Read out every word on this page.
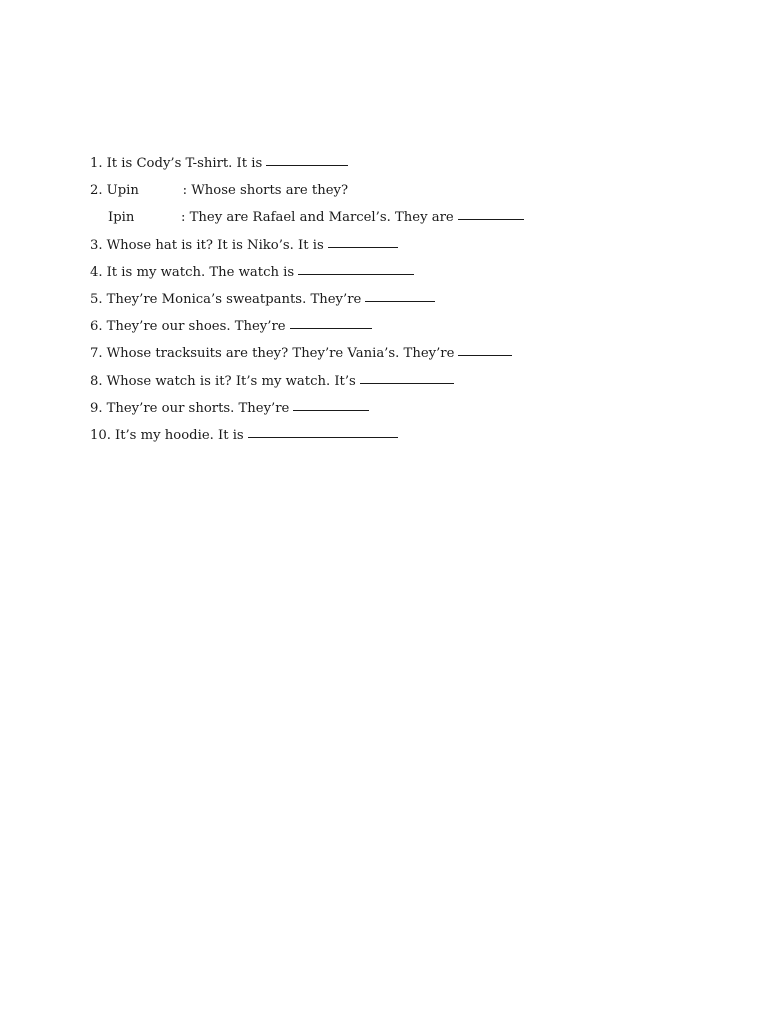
1. It is Cody’s T-shirt. It is
2. Upin	: Whose shorts are they?
Ipin	: They are Rafael and Marcel’s. They are
3. Whose hat is it? It is Niko’s. It is
4. It is my watch. The watch is
5. They’re Monica’s sweatpants. They’re
6. They’re our shoes. They’re
7. Whose tracksuits are they? They’re Vania’s. They’re
8. Whose watch is it? It’s my watch. It’s
9. They’re our shorts. They’re
10. It’s my hoodie. It is
